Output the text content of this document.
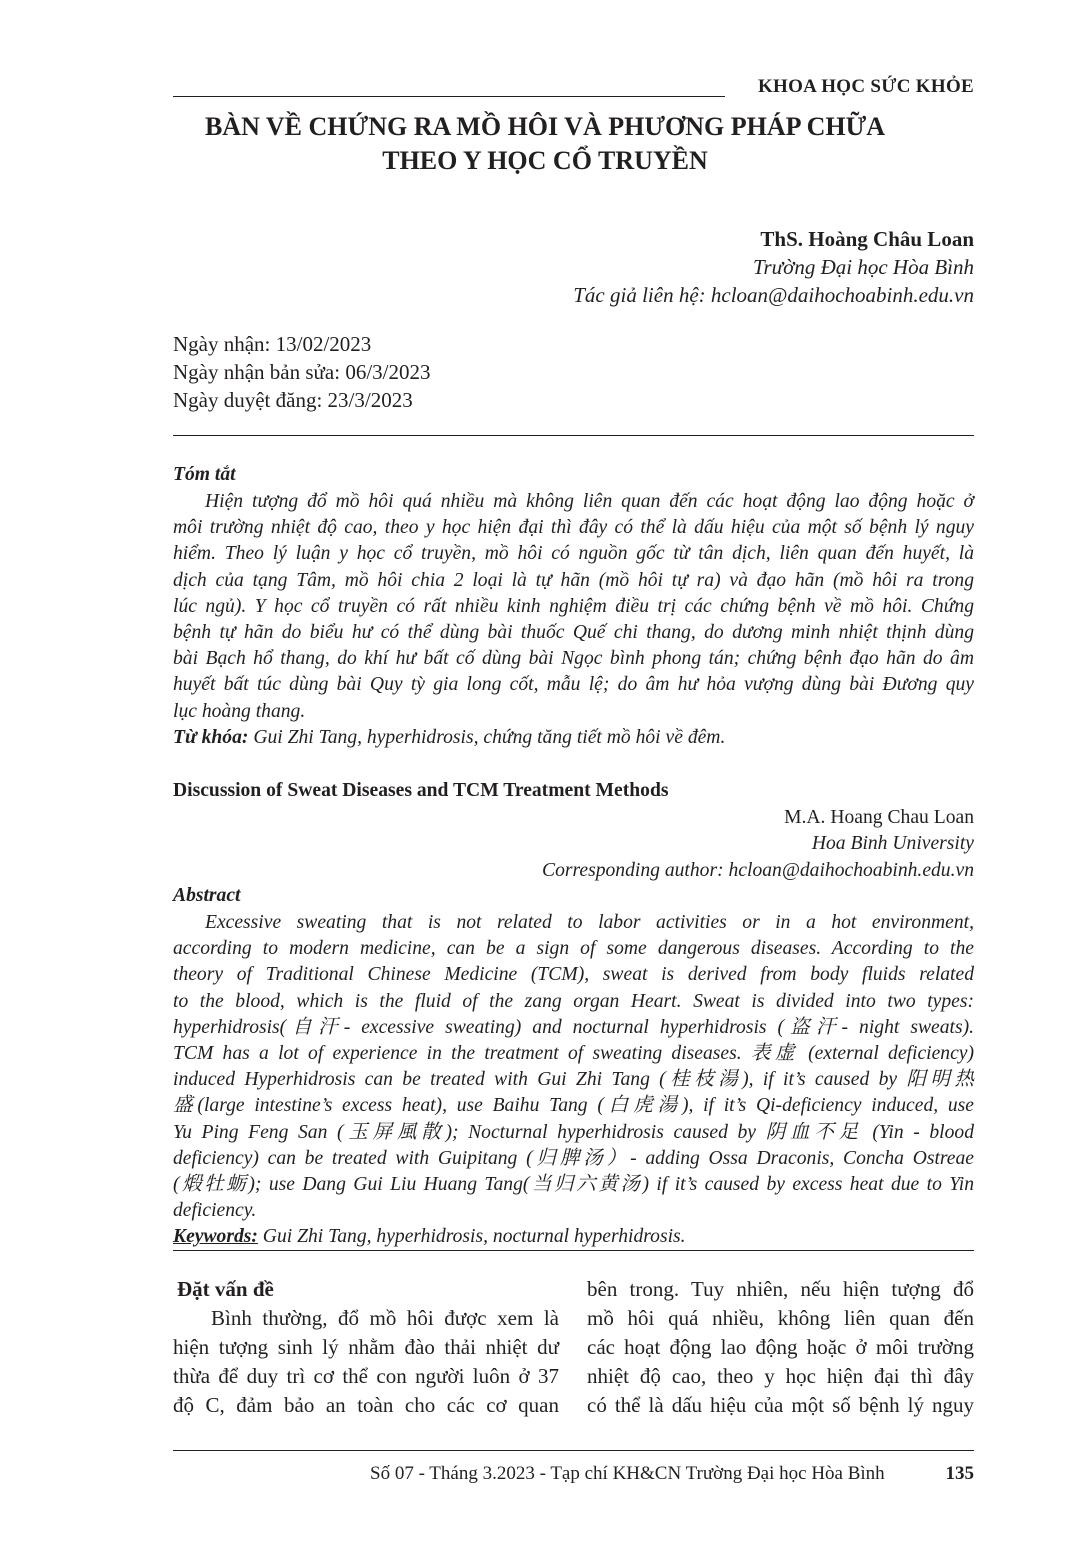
KHOA HỌC SỨC KHỎE
BÀN VỀ CHỨNG RA MỒ HÔI VÀ PHƯƠNG PHÁP CHỮA
THEO Y HỌC CỔ TRUYỀN
ThS. Hoàng Châu Loan
Trường Đại học Hòa Bình
Tác giả liên hệ: hcloan@daihochoabinh.edu.vn
Ngày nhận: 13/02/2023
Ngày nhận bản sửa: 06/3/2023
Ngày duyệt đăng: 23/3/2023
Tóm tắt
Hiện tượng đổ mồ hôi quá nhiều mà không liên quan đến các hoạt động lao động hoặc ở
môi trường nhiệt độ cao, theo y học hiện đại thì đây có thể là dấu hiệu của một số bệnh lý nguy
hiểm. Theo lý luận y học cổ truyền, mồ hôi có nguồn gốc từ tân dịch, liên quan đến huyết, là
dịch của tạng Tâm, mồ hôi chia 2 loại là tự hãn (mồ hôi tự ra) và đạo hãn (mồ hôi ra trong
lúc ngủ). Y học cổ truyền có rất nhiều kinh nghiệm điều trị các chứng bệnh về mồ hôi. Chứng
bệnh tự hãn do biểu hư có thể dùng bài thuốc Quế chi thang, do dương minh nhiệt thịnh dùng
bài Bạch hổ thang, do khí hư bất cố dùng bài Ngọc bình phong tán; chứng bệnh đạo hãn do âm
huyết bất túc dùng bài Quy tỳ gia long cốt, mẫu lệ; do âm hư hỏa vượng dùng bài Đương quy
lục hoàng thang.
Từ khóa: Gui Zhi Tang, hyperhidrosis, chứng tăng tiết mồ hôi về đêm.
Discussion of Sweat Diseases and TCM Treatment Methods
M.A. Hoang Chau Loan
Hoa Binh University
Corresponding author: hcloan@daihochoabinh.edu.vn
Abstract
Excessive sweating that is not related to labor activities or in a hot environment,
according to modern medicine, can be a sign of some dangerous diseases. According to the
theory of Traditional Chinese Medicine (TCM), sweat is derived from body fluids related
to the blood, which is the fluid of the zang organ Heart. Sweat is divided into two types:
hyperhidrosis(自汗- excessive sweating) and nocturnal hyperhidrosis (盗汗- night sweats).
TCM has a lot of experience in the treatment of sweating diseases. 表虚 (external deficiency)
induced Hyperhidrosis can be treated with Gui Zhi Tang (桂枝湯), if it’s caused by 阳明热
盛(large intestine’s excess heat), use Baihu Tang (白虎湯), if it’s Qi-deficiency induced, use
Yu Ping Feng San (玉屏風散); Nocturnal hyperhidrosis caused by 阴血不足 (Yin - blood
deficiency) can be treated with Guipitang (归脾汤）- adding Ossa Draconis, Concha Ostreae
(煅牡蛎); use Dang Gui Liu Huang Tang(当归六黄汤) if it’s caused by excess heat due to Yin
deficiency.
Keywords: Gui Zhi Tang, hyperhidrosis, nocturnal hyperhidrosis.
Đặt vấn đề
Bình thường, đổ mồ hôi được xem là
hiện tượng sinh lý nhằm đào thải nhiệt dư
thừa để duy trì cơ thể con người luôn ở 37
độ C, đảm bảo an toàn cho các cơ quan
bên trong. Tuy nhiên, nếu hiện tượng đổ
mồ hôi quá nhiều, không liên quan đến
các hoạt động lao động hoặc ở môi trường
nhiệt độ cao, theo y học hiện đại thì đây
có thể là dấu hiệu của một số bệnh lý nguy
Số 07 - Tháng 3.2023 - Tạp chí KH&CN Trường Đại học Hòa Bình	135
